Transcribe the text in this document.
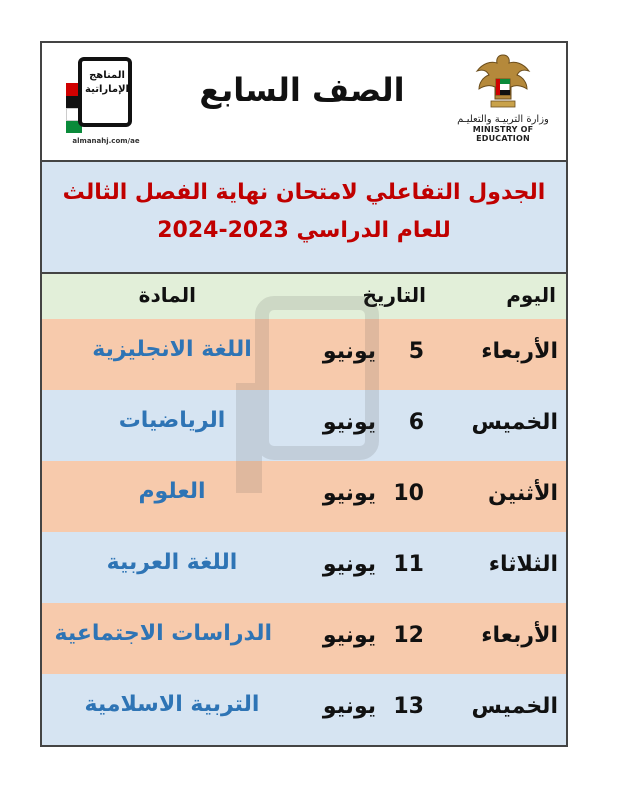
المناهج الإماراتية
almanahj.com/ae
الصف السابع
وزارة التربيـة والتعليـم
MINISTRY OF EDUCATION
الجدول التفاعلي لامتحان نهاية الفصل الثالث
للعام الدراسي 2023-2024
اليوم
التاريخ
المادة
الأربعاء
يونيو 5
اللغة الانجليزية
الخميس
يونيو 6
الرياضيات
الأثنين
يونيو 10
العلوم
الثلاثاء
يونيو 11
اللغة العربية
الأربعاء
يونيو 12
الدراسات الاجتماعية
الخميس
يونيو 13
التربية الاسلامية
